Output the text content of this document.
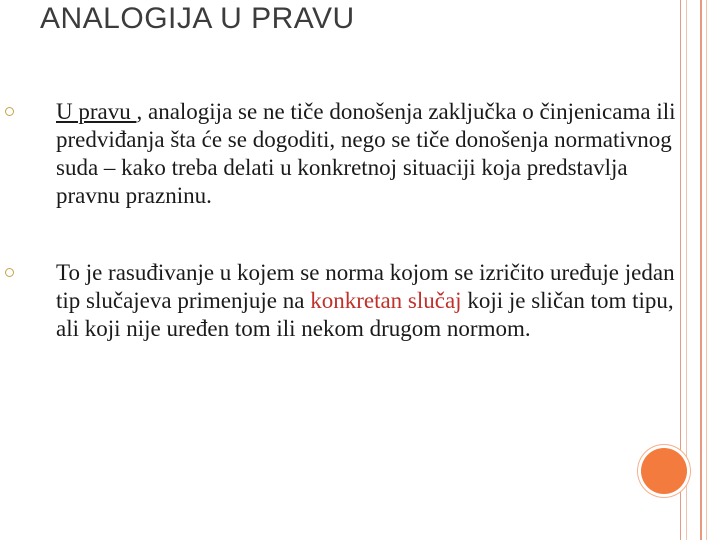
ANALOGIJA U PRAVU
U pravu , analogija se ne tiče donošenja zaključka o činjenicama ili predviđanja šta će se dogoditi, nego se tiče donošenja normativnog suda – kako treba delati u konkretnoj situaciji koja predstavlja pravnu prazninu.
To je rasuđivanje u kojem se norma kojom se izričito uređuje jedan tip slučajeva primenjuje na konkretan slučaj koji je sličan tom tipu, ali koji nije uređen tom ili nekom drugom normom.
